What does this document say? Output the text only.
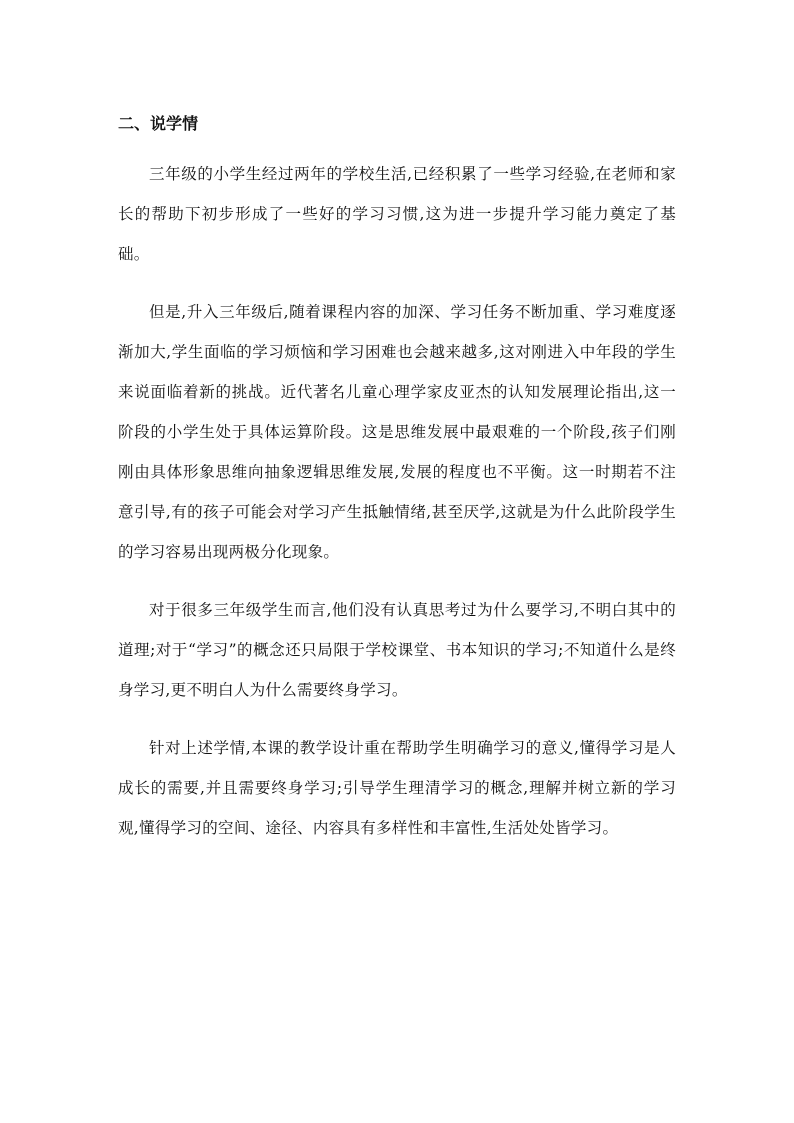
二、说学情

三年级的小学生经过两年的学校生活,已经积累了一些学习经验,在老师和家长的帮助下初步形成了一些好的学习习惯,这为进一步提升学习能力奠定了基础。

但是,升入三年级后,随着课程内容的加深、学习任务不断加重、学习难度逐渐加大,学生面临的学习烦恼和学习困难也会越来越多,这对刚进入中年段的学生来说面临着新的挑战。近代著名儿童心理学家皮亚杰的认知发展理论指出,这一阶段的小学生处于具体运算阶段。这是思维发展中最艰难的一个阶段,孩子们刚刚由具体形象思维向抽象逻辑思维发展,发展的程度也不平衡。这一时期若不注意引导,有的孩子可能会对学习产生抵触情绪,甚至厌学,这就是为什么此阶段学生的学习容易出现两极分化现象。

对于很多三年级学生而言,他们没有认真思考过为什么要学习,不明白其中的道理;对于“学习”的概念还只局限于学校课堂、书本知识的学习;不知道什么是终身学习,更不明白人为什么需要终身学习。

针对上述学情,本课的教学设计重在帮助学生明确学习的意义,懂得学习是人成长的需要,并且需要终身学习;引导学生理清学习的概念,理解并树立新的学习观,懂得学习的空间、途径、内容具有多样性和丰富性,生活处处皆学习。
